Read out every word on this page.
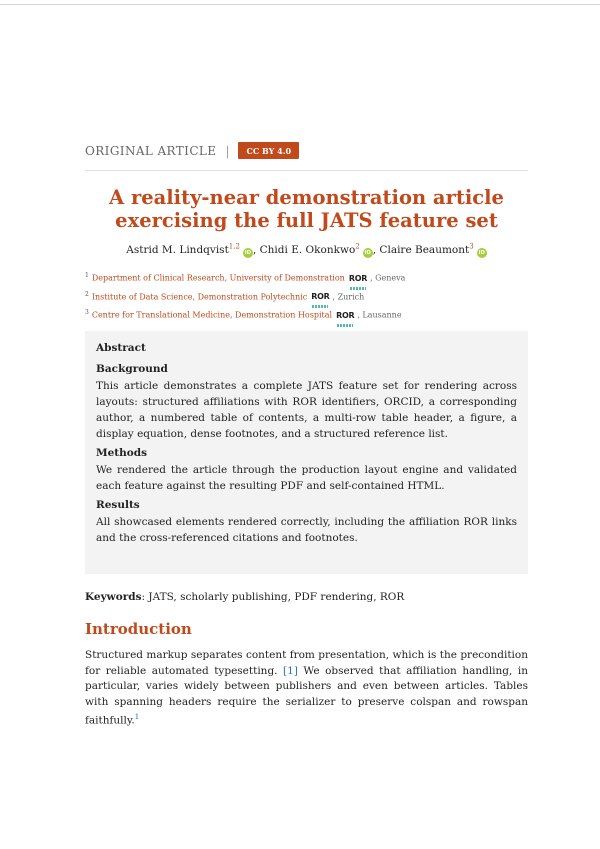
ORIGINAL ARTICLE |	CC BY 4.0
A reality-near demonstration article exercising the full JATS feature set
Astrid M. Lindqvist$^{1,2}$iD , Chidi E. Okonkwo$^2$iD , Claire Beaumont$^3$iD
$^1$ Department of Clinical Research, University of Demonstration ROR , Geneva
$^2$ Institute of Data Science, Demonstration Polytechnic ROR , Zurich
$^3$ Centre for Translational Medicine, Demonstration Hospital ROR , Lausanne
Abstract
Background

This article demonstrates a complete JATS feature set for rendering across layouts: structured affiliations with ROR identifiers, ORCID, a corresponding author, a numbered table of contents, a multi-row table header, a figure, a display equation, dense footnotes, and a structured reference list.

Methods

We rendered the article through the production layout engine and validated each feature against the resulting PDF and self-contained HTML.

Results

All showcased elements rendered correctly, including the affiliation ROR links and the cross-referenced citations and footnotes.

Keywords: JATS, scholarly publishing, PDF rendering, ROR
Introduction
Structured markup separates content from presentation, which is the precondition for reliable automated typesetting. [1] We observed that affiliation handling, in particular, varies widely between publishers and even between articles. Tables with spanning headers require the serializer to preserve colspan and rowspan faithfully.$^1$
